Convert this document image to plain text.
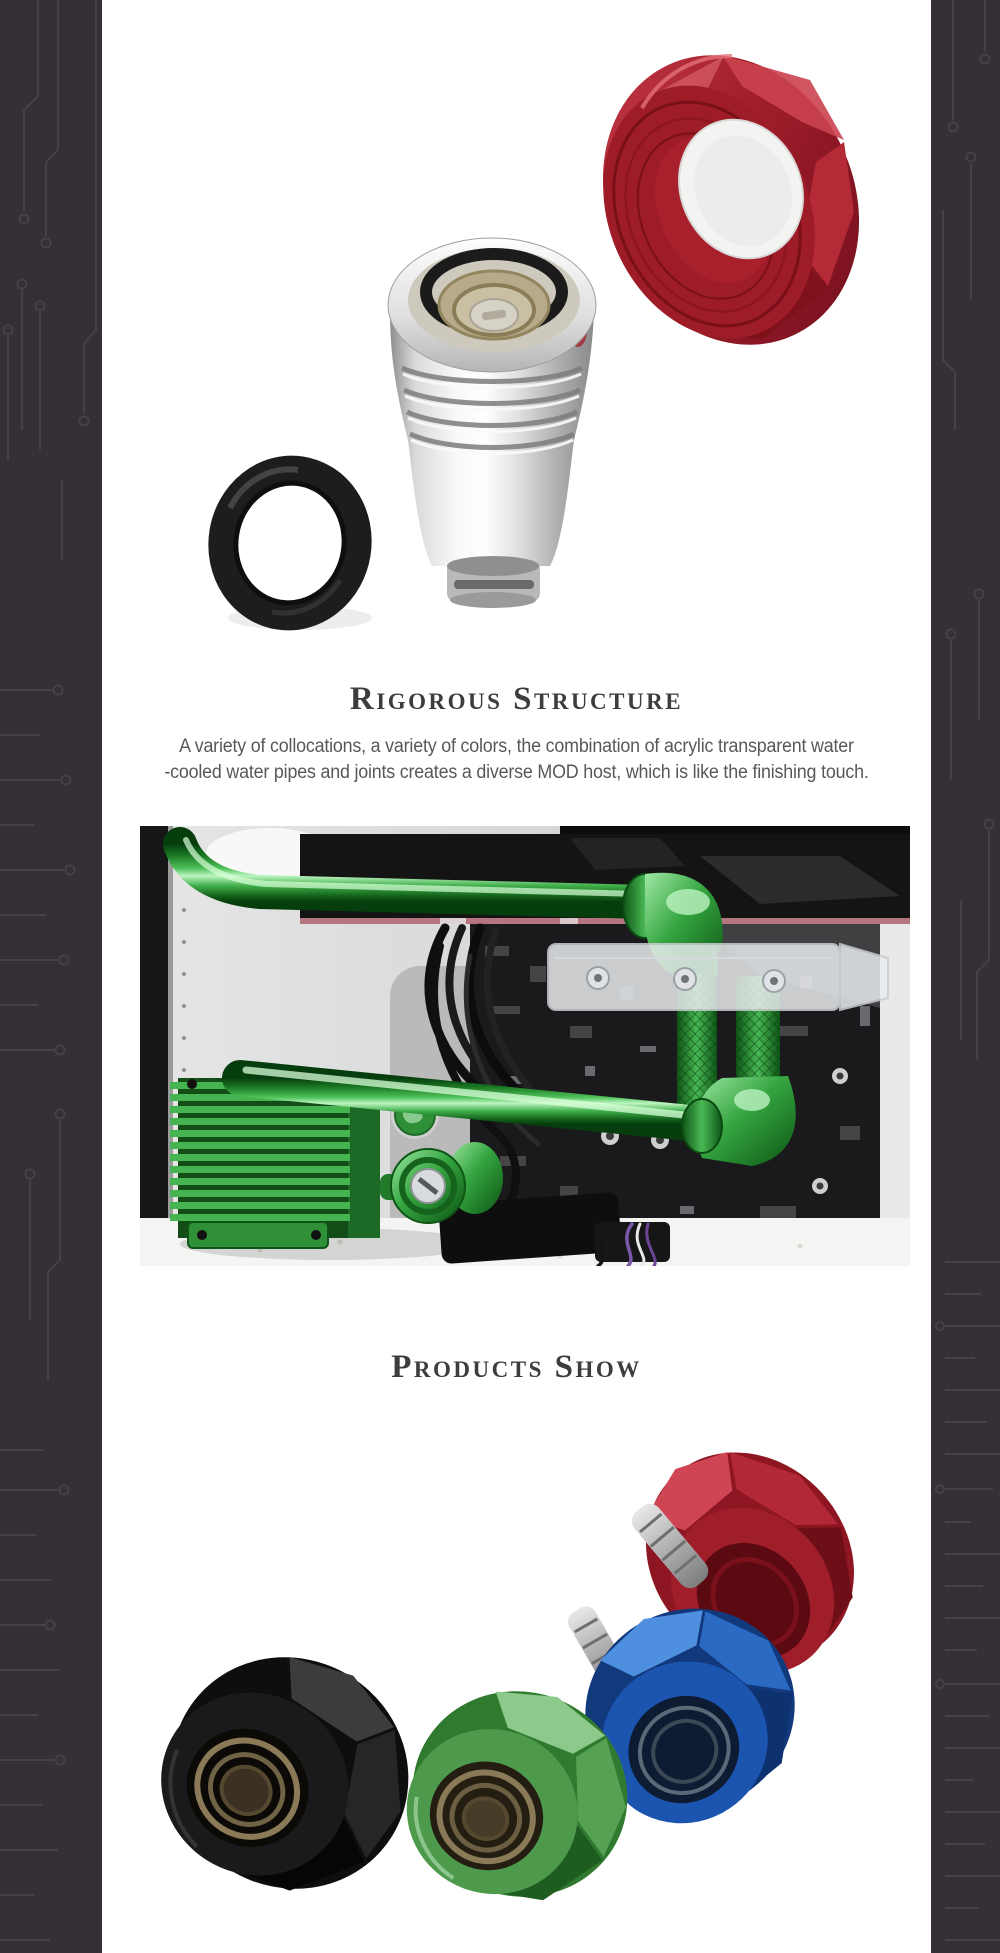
Rigorous Structure

A variety of collocations, a variety of colors, the combination of acrylic transparent water
-cooled water pipes and joints creates a diverse MOD host, which is like the finishing touch.

Products Show
